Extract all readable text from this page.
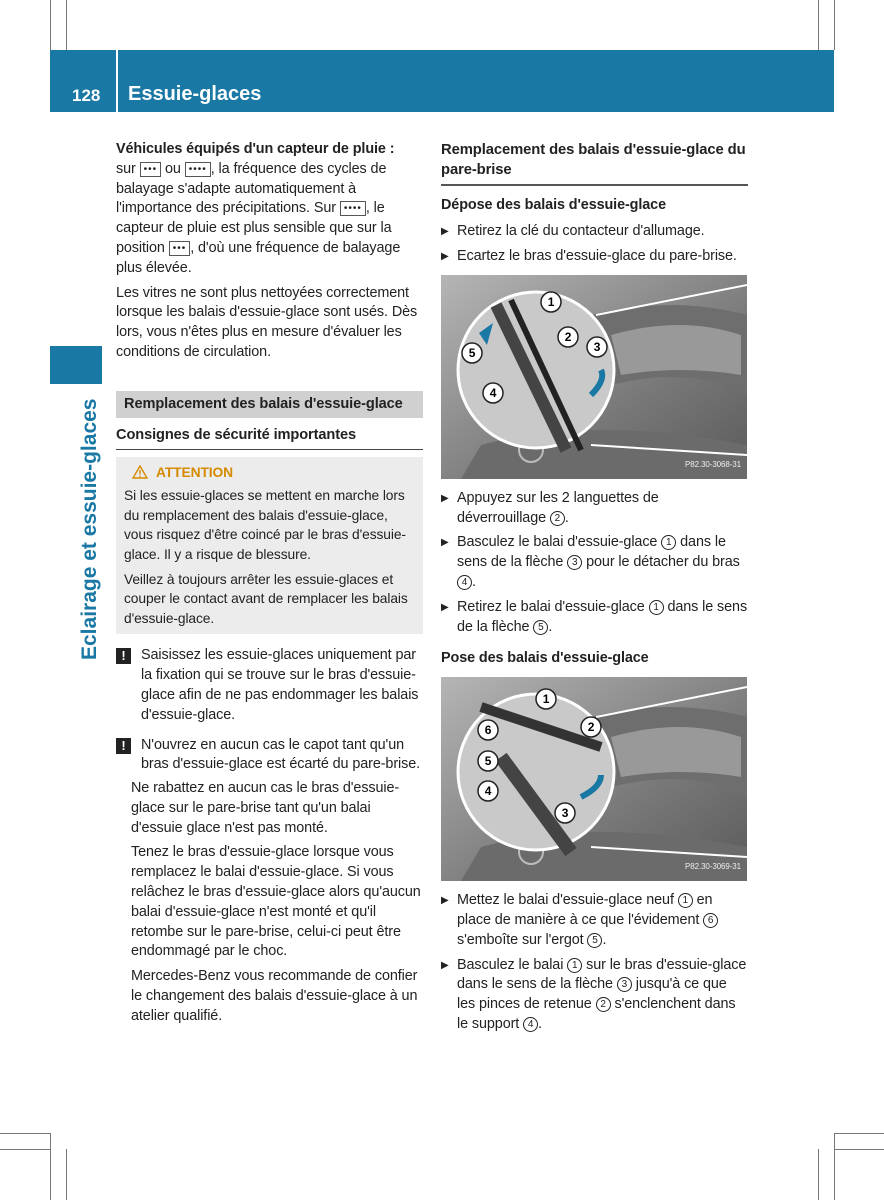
128 Essuie-glaces
Eclairage et essuie-glaces
Véhicules équipés d'un capteur de pluie :
sur ••• ou •••• , la fréquence des cycles de balayage s'adapte automatiquement à l'importance des précipitations. Sur •••• , le capteur de pluie est plus sensible que sur la position ••• , d'où une fréquence de balayage plus élevée.
Les vitres ne sont plus nettoyées correctement lorsque les balais d'essuie-glace sont usés. Dès lors, vous n'êtes plus en mesure d'évaluer les conditions de circulation.
Remplacement des balais d'essuie-glace
Consignes de sécurité importantes
ATTENTION
Si les essuie-glaces se mettent en marche lors du remplacement des balais d'essuie-glace, vous risquez d'être coincé par le bras d'essuie-glace. Il y a risque de blessure.
Veillez à toujours arrêter les essuie-glaces et couper le contact avant de remplacer les balais d'essuie-glace.
!	Saisissez les essuie-glaces uniquement par la fixation qui se trouve sur le bras d'essuie-glace afin de ne pas endommager les balais d'essuie-glace.
!	N'ouvrez en aucun cas le capot tant qu'un bras d'essuie-glace est écarté du pare-brise.
Ne rabattez en aucun cas le bras d'essuie-glace sur le pare-brise tant qu'un balai d'essuie glace n'est pas monté.
Tenez le bras d'essuie-glace lorsque vous remplacez le balai d'essuie-glace. Si vous relâchez le bras d'essuie-glace alors qu'aucun balai d'essuie-glace n'est monté et qu'il retombe sur le pare-brise, celui-ci peut être endommagé par le choc.
Mercedes-Benz vous recommande de confier le changement des balais d'essuie-glace à un atelier qualifié.
Remplacement des balais d'essuie-glace du pare-brise
Dépose des balais d'essuie-glace
▶ Retirez la clé du contacteur d'allumage.
▶ Ecartez le bras d'essuie-glace du pare-brise.
1
2
3
4
5
P82.30-3068-31
▶ Appuyez sur les 2 languettes de déverrouillage 2 .
▶ Basculez le balai d'essuie-glace 1 dans le sens de la flèche 3 pour le détacher du bras 4 .
▶ Retirez le balai d'essuie-glace 1 dans le sens de la flèche 5 .
Pose des balais d'essuie-glace
1
2
3
4
5
6
P82.30-3069-31
▶ Mettez le balai d'essuie-glace neuf 1 en place de manière à ce que l'évidement 6 s'emboîte sur l'ergot 5 .
▶ Basculez le balai 1 sur le bras d'essuie-glace dans le sens de la flèche 3 jusqu'à ce que les pinces de retenue 2 s'enclenchent dans le support 4 .
